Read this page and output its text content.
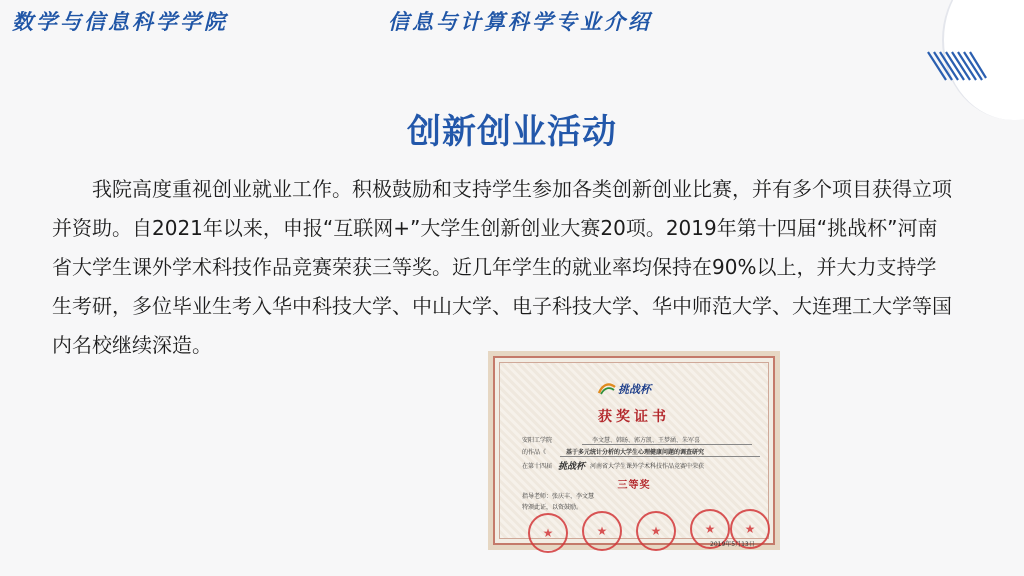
数学与信息科学学院	信息与计算科学专业介绍
创新创业活动

我院高度重视创业就业工作。积极鼓励和支持学生参加各类创新创业比赛，并有多个项目获得立项并资助。自2021年以来，申报“互联网+”大学生创新创业大赛20项。2019年第十四届“挑战杯”河南省大学生课外学术科技作品竞赛荣获三等奖。近几年学生的就业率均保持在90%以上，并大力支持学生考研，多位毕业生考入华中科技大学、中山大学、电子科技大学、华中师范大学、大连理工大学等国内名校继续深造。

挑战杯
获奖证书
安阳工学院	李文慧、韩旸、郭方凯、王梦涵、朱军喜
的作品《	基于多元统计分析的大学生心理健康问题的调查研究
在第十四届 挑战杯 河南省大学生课外学术科技作品竞赛中荣获
三等奖
指导老师：张庆丰、李文慧
特颁此证，以资鼓励。
★	★	★	★	★
2019年5月13日
